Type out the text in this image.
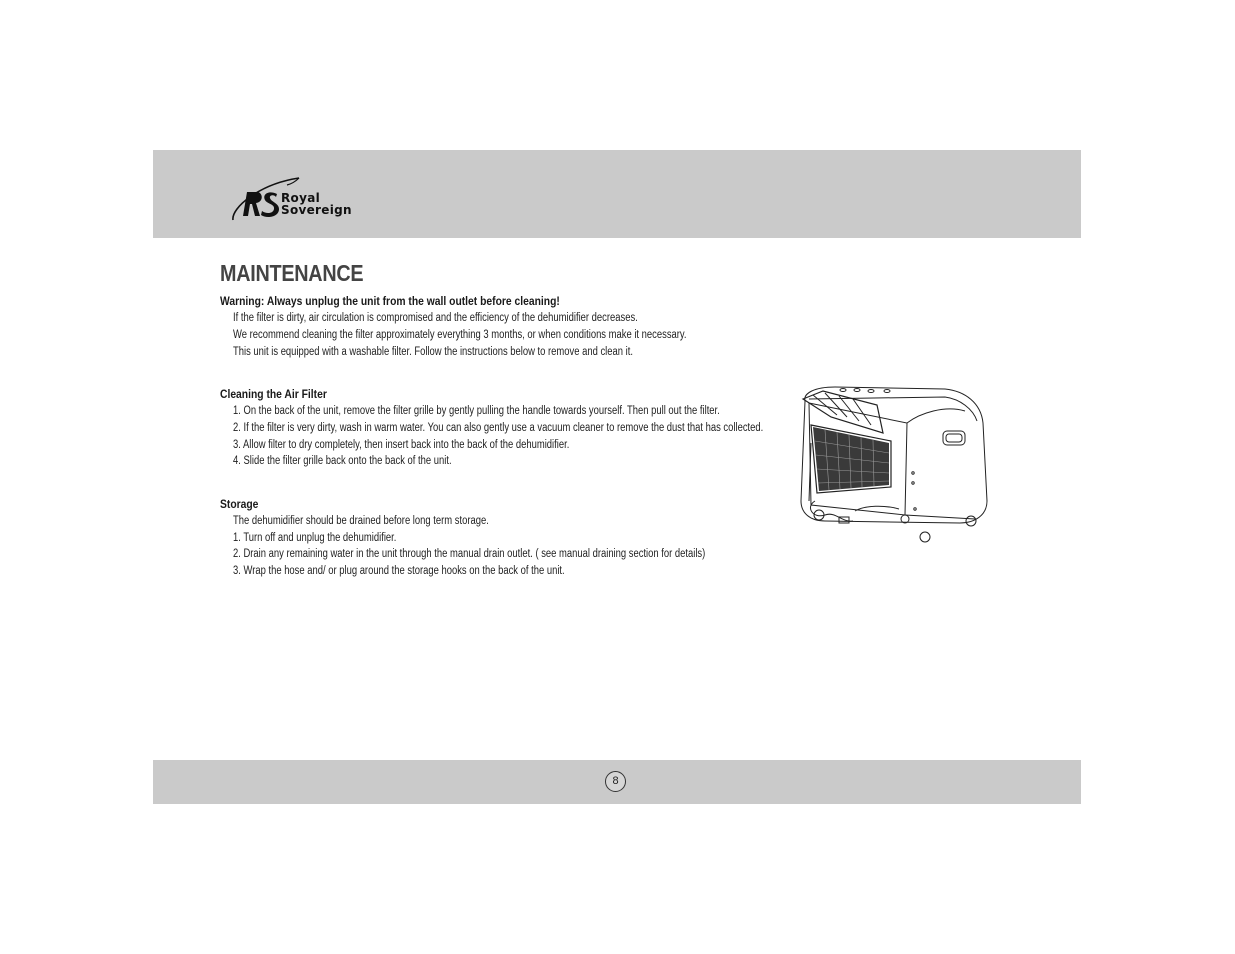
Royal
Sovereign
MAINTENANCE
Warning: Always unplug the unit from the wall outlet before cleaning!
If the filter is dirty, air circulation is compromised and the efficiency of the dehumidifier decreases.
We recommend cleaning the filter approximately everything 3 months, or when conditions make it necessary.
This unit is equipped with a washable filter. Follow the instructions below to remove and clean it.
Cleaning the Air Filter
1. On the back of the unit, remove the filter grille by gently pulling the handle towards yourself. Then pull out the filter.
2. If the filter is very dirty, wash in warm water. You can also gently use a vacuum cleaner to remove the dust that has collected.
3. Allow filter to dry completely, then insert back into the back of the dehumidifier.
4. Slide the filter grille back onto the back of the unit.
Storage
The dehumidifier should be drained before long term storage.
1. Turn off and unplug the dehumidifier.
2. Drain any remaining water in the unit through the manual drain outlet. ( see manual draining section for details)
3. Wrap the hose and/ or plug around the storage hooks on the back of the unit.
8
